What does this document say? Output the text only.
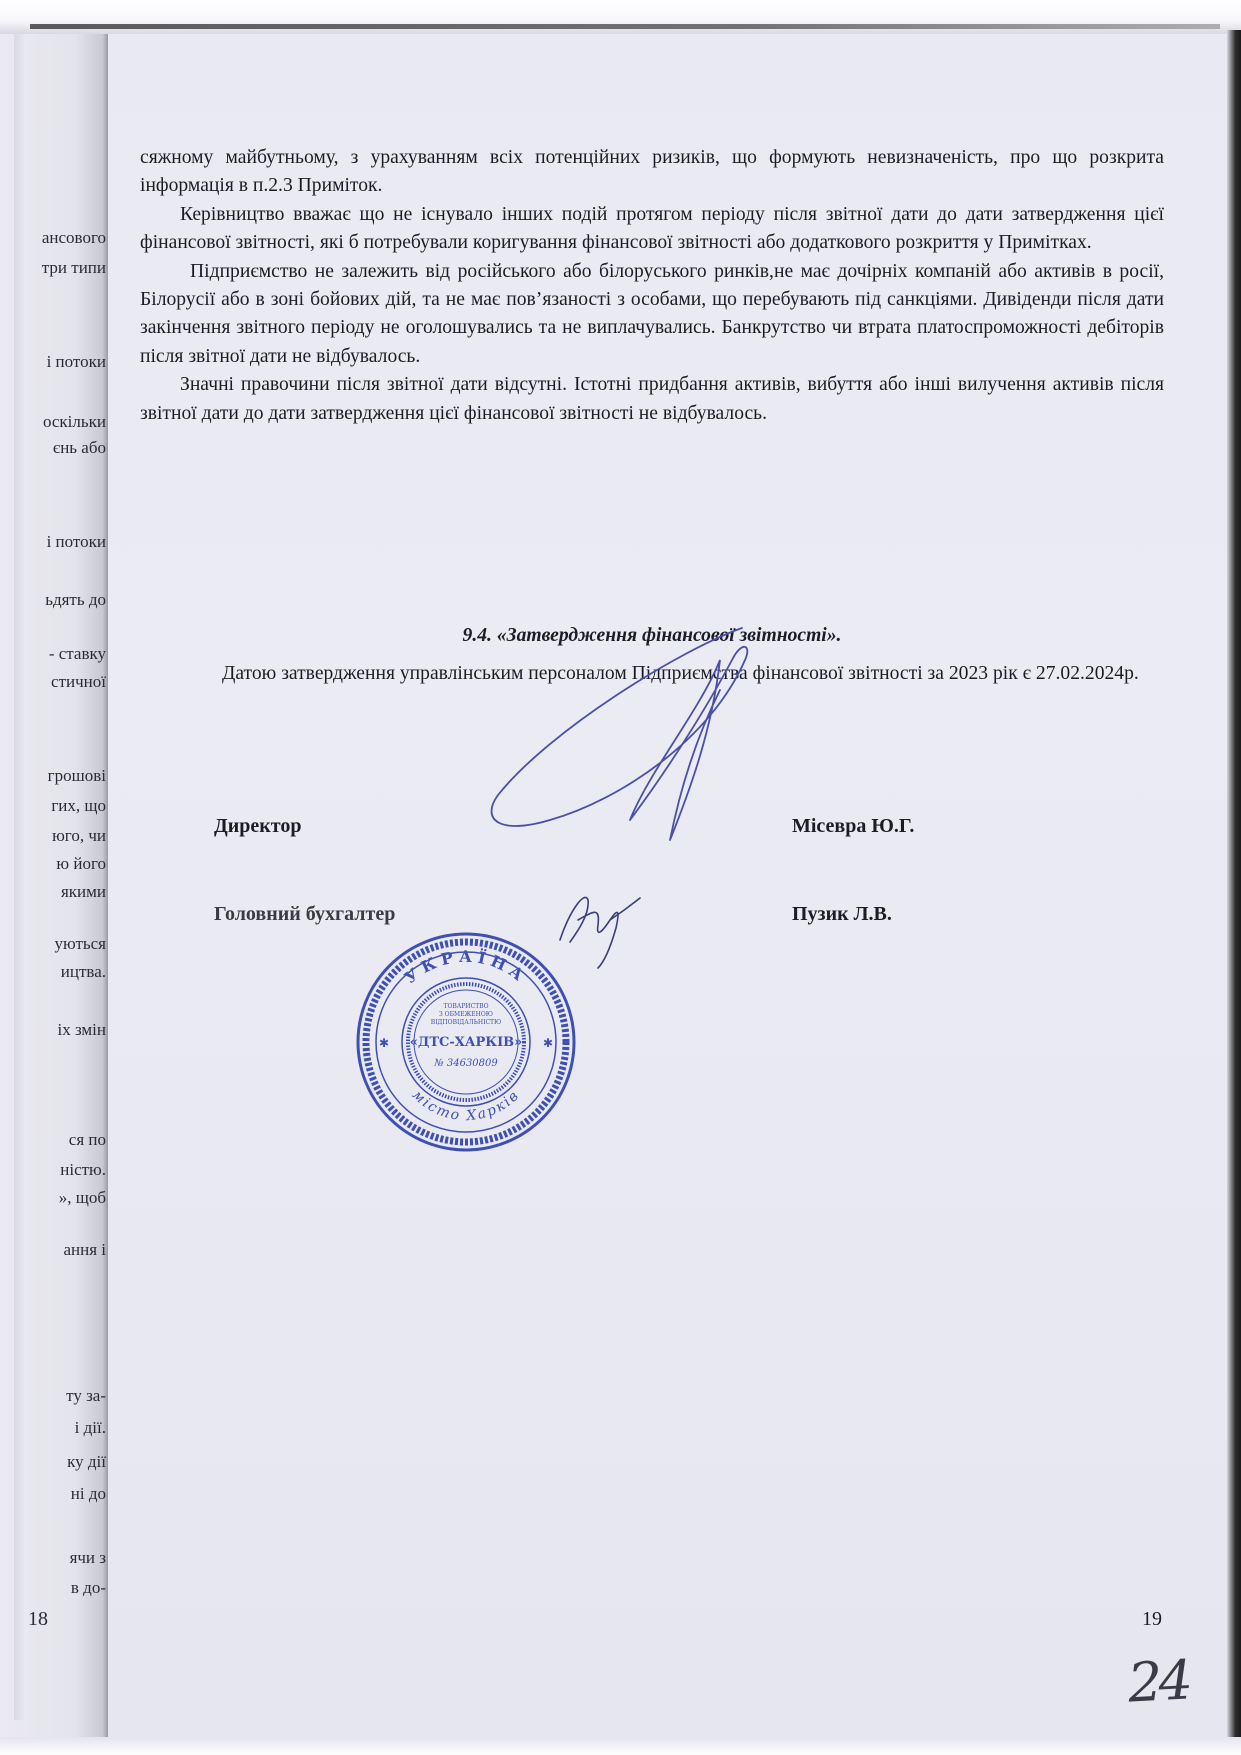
ансового
три типи
і потоки
оскільки
єнь або
і потоки
ьдять до
- ставку
стичної
грошові
гих, що
юго, чи
ю його
якими
уються
ицтва.
іх змін
ся по
ністю.
», щоб
ання і
ту за-
і дії.
ку дії
ні до
ячи з
в до-
18

сяжному майбутньому, з урахуванням всіх потенційних ризиків, що формують невизначеність, про що розкрита інформація в п.2.3 Приміток.

Керівництво вважає що не існувало інших подій протягом періоду після звітної дати до дати затвердження цієї фінансової звітності, які б потребували коригування фінансової звітності або додаткового розкриття у Примітках.

Підприємство не залежить від російського або білоруського ринків,не має дочірніх компаній або активів в росії, Білорусії або в зоні бойових дій, та не має пов’язаності з особами, що перебувають під санкціями. Дивіденди після дати закінчення звітного періоду не оголошувались та не виплачувались. Банкрутство чи втрата платоспроможності дебіторів після звітної дати не відбувалось.

Значні правочини після звітної дати відсутні. Істотні придбання активів, вибуття або інші вилучення активів після звітної дати до дати затвердження цієї фінансової звітності не відбувалось.

9.4. «Затвердження фінансової звітності».
Датою затвердження управлінським персоналом Підприємства фінансової звітності за 2023 рік є 27.02.2024р.
Директор	Місевра Ю.Г.
Головний бухгалтер	Пузик Л.В.
УКРАЇНА
місто Харків
ТОВАРИСТВО
З ОБМЕЖЕНОЮ
ВІДПОВІДАЛЬНІСТЮ
«ДТС-ХАРКІВ»
№ 34630809
✱	✱
19
24
